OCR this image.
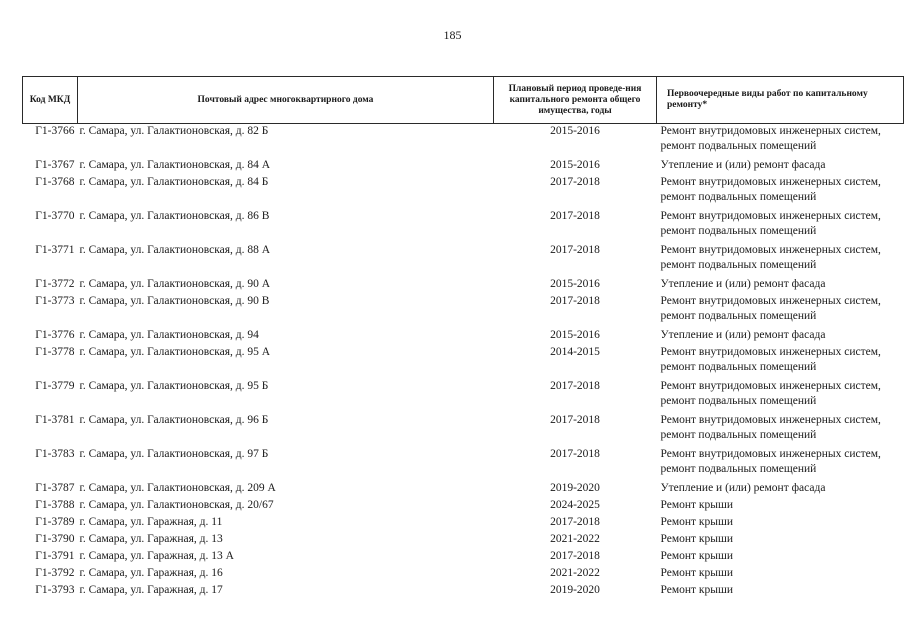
185
Код МКД	Почтовый адрес многоквартирного дома	Плановый период проведе-ния капитального ремонта общего имущества, годы	Первоочередные виды работ по капитальному ремонту*
Г1-3766	г. Самара, ул. Галактионовская, д. 82 Б	2015-2016	Ремонт внутридомовых инженерных систем,
ремонт подвальных помещений

Г1-3767	г. Самара, ул. Галактионовская, д. 84 А	2015-2016	Утепление и (или) ремонт фасада

Г1-3768	г. Самара, ул. Галактионовская, д. 84 Б	2017-2018	Ремонт внутридомовых инженерных систем,
ремонт подвальных помещений

Г1-3770	г. Самара, ул. Галактионовская, д. 86 В	2017-2018	Ремонт внутридомовых инженерных систем,
ремонт подвальных помещений

Г1-3771	г. Самара, ул. Галактионовская, д. 88 А	2017-2018	Ремонт внутридомовых инженерных систем,
ремонт подвальных помещений

Г1-3772	г. Самара, ул. Галактионовская, д. 90 А	2015-2016	Утепление и (или) ремонт фасада

Г1-3773	г. Самара, ул. Галактионовская, д. 90 В	2017-2018	Ремонт внутридомовых инженерных систем,
ремонт подвальных помещений

Г1-3776	г. Самара, ул. Галактионовская, д. 94	2015-2016	Утепление и (или) ремонт фасада

Г1-3778	г. Самара, ул. Галактионовская, д. 95 А	2014-2015	Ремонт внутридомовых инженерных систем,
ремонт подвальных помещений

Г1-3779	г. Самара, ул. Галактионовская, д. 95 Б	2017-2018	Ремонт внутридомовых инженерных систем,
ремонт подвальных помещений

Г1-3781	г. Самара, ул. Галактионовская, д. 96 Б	2017-2018	Ремонт внутридомовых инженерных систем,
ремонт подвальных помещений

Г1-3783	г. Самара, ул. Галактионовская, д. 97 Б	2017-2018	Ремонт внутридомовых инженерных систем,
ремонт подвальных помещений

Г1-3787	г. Самара, ул. Галактионовская, д. 209 А	2019-2020	Утепление и (или) ремонт фасада

Г1-3788	г. Самара, ул. Галактионовская, д. 20/67	2024-2025	Ремонт крыши

Г1-3789	г. Самара, ул. Гаражная, д. 11	2017-2018	Ремонт крыши

Г1-3790	г. Самара, ул. Гаражная, д. 13	2021-2022	Ремонт крыши

Г1-3791	г. Самара, ул. Гаражная, д. 13 А	2017-2018	Ремонт крыши

Г1-3792	г. Самара, ул. Гаражная, д. 16	2021-2022	Ремонт крыши

Г1-3793	г. Самара, ул. Гаражная, д. 17	2019-2020	Ремонт крыши
